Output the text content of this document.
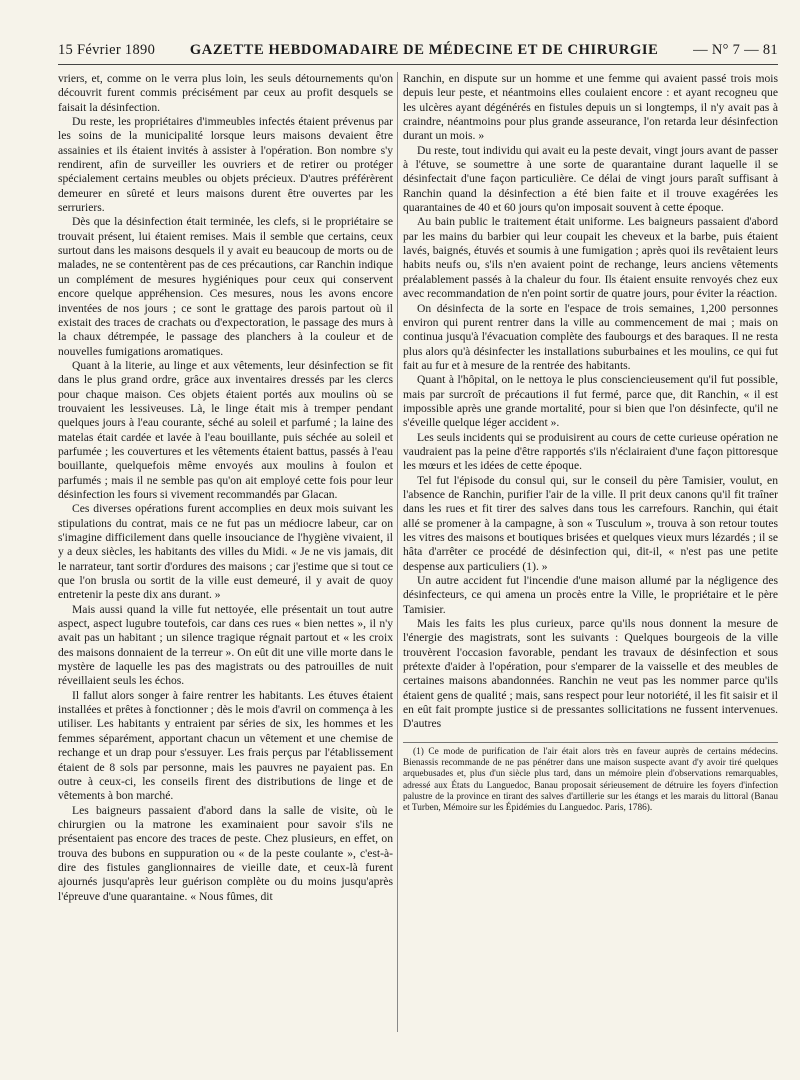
15 Février 1890 GAZETTE HEBDOMADAIRE DE MÉDECINE ET DE CHIRURGIE — N° 7 — 81

vriers, et, comme on le verra plus loin, les seuls détournements qu'on découvrit furent commis précisément par ceux au profit desquels se faisait la désinfection.

Du reste, les propriétaires d'immeubles infectés étaient prévenus par les soins de la municipalité lorsque leurs maisons devaient être assainies et ils étaient invités à assister à l'opération. Bon nombre s'y rendirent, afin de surveiller les ouvriers et de retirer ou protéger spécialement certains meubles ou objets précieux. D'autres préférèrent demeurer en sûreté et leurs maisons durent être ouvertes par les serruriers.

Dès que la désinfection était terminée, les clefs, si le propriétaire se trouvait présent, lui étaient remises. Mais il semble que certains, ceux surtout dans les maisons desquels il y avait eu beaucoup de morts ou de malades, ne se contentèrent pas de ces précautions, car Ranchin indique un complément de mesures hygiéniques pour ceux qui conservent encore quelque appréhension. Ces mesures, nous les avons encore inventées de nos jours ; ce sont le grattage des parois partout où il existait des traces de crachats ou d'expectoration, le passage des murs à la chaux détrempée, le passage des planchers à la couleur et de nouvelles fumigations aromatiques.

Quant à la literie, au linge et aux vêtements, leur désinfection se fit dans le plus grand ordre, grâce aux inventaires dressés par les clercs pour chaque maison. Ces objets étaient portés aux moulins où se trouvaient les lessiveuses. Là, le linge était mis à tremper pendant quelques jours à l'eau courante, séché au soleil et parfumé ; la laine des matelas était cardée et lavée à l'eau bouillante, puis séchée au soleil et parfumée ; les couvertures et les vêtements étaient battus, passés à l'eau bouillante, quelquefois même envoyés aux moulins à foulon et parfumés ; mais il ne semble pas qu'on ait employé cette fois pour leur désinfection les fours si vivement recommandés par Glacan.

Ces diverses opérations furent accomplies en deux mois suivant les stipulations du contrat, mais ce ne fut pas un médiocre labeur, car on s'imagine difficilement dans quelle insouciance de l'hygiène vivaient, il y a deux siècles, les habitants des villes du Midi. « Je ne vis jamais, dit le narrateur, tant sortir d'ordures des maisons ; car j'estime que si tout ce que l'on brusla ou sortit de la ville eust demeuré, il y avait de quoy entretenir la peste dix ans durant. »

Mais aussi quand la ville fut nettoyée, elle présentait un tout autre aspect, aspect lugubre toutefois, car dans ces rues « bien nettes », il n'y avait pas un habitant ; un silence tragique régnait partout et « les croix des maisons donnaient de la terreur ». On eût dit une ville morte dans le mystère de laquelle les pas des magistrats ou des patrouilles de nuit réveillaient seuls les échos.

Il fallut alors songer à faire rentrer les habitants. Les étuves étaient installées et prêtes à fonctionner ; dès le mois d'avril on commença à les utiliser. Les habitants y entraient par séries de six, les hommes et les femmes séparément, apportant chacun un vêtement et une chemise de rechange et un drap pour s'essuyer. Les frais perçus par l'établissement étaient de 8 sols par personne, mais les pauvres ne payaient pas. En outre à ceux-ci, les conseils firent des distributions de linge et de vêtements à bon marché.

Les baigneurs passaient d'abord dans la salle de visite, où le chirurgien ou la matrone les examinaient pour savoir s'ils ne présentaient pas encore des traces de peste. Chez plusieurs, en effet, on trouva des bubons en suppuration ou « de la peste coulante », c'est-à-dire des fistules ganglionnaires de vieille date, et ceux-là furent ajournés jusqu'après leur guérison complète ou du moins jusqu'après l'épreuve d'une quarantaine. « Nous fûmes, dit

Ranchin, en dispute sur un homme et une femme qui avaient passé trois mois depuis leur peste, et néantmoins elles coulaient encore : et ayant recogneu que les ulcères ayant dégénérés en fistules depuis un si longtemps, il n'y avait pas à craindre, néantmoins pour plus grande asseurance, l'on retarda leur désinfection durant un mois. »

Du reste, tout individu qui avait eu la peste devait, vingt jours avant de passer à l'étuve, se soumettre à une sorte de quarantaine durant laquelle il se désinfectait d'une façon particulière. Ce délai de vingt jours paraît suffisant à Ranchin quand la désinfection a été bien faite et il trouve exagérées les quarantaines de 40 et 60 jours qu'on imposait souvent à cette époque.

Au bain public le traitement était uniforme. Les baigneurs passaient d'abord par les mains du barbier qui leur coupait les cheveux et la barbe, puis étaient lavés, baignés, étuvés et soumis à une fumigation ; après quoi ils revêtaient leurs habits neufs ou, s'ils n'en avaient point de rechange, leurs anciens vêtements préalablement passés à la chaleur du four. Ils étaient ensuite renvoyés chez eux avec recommandation de n'en point sortir de quatre jours, pour éviter la réaction.

On désinfecta de la sorte en l'espace de trois semaines, 1,200 personnes environ qui purent rentrer dans la ville au commencement de mai ; mais on continua jusqu'à l'évacuation complète des faubourgs et des baraques. Il ne resta plus alors qu'à désinfecter les installations suburbaines et les moulins, ce qui fut fait au fur et à mesure de la rentrée des habitants.

Quant à l'hôpital, on le nettoya le plus consciencieusement qu'il fut possible, mais par surcroît de précautions il fut fermé, parce que, dit Ranchin, « il est impossible après une grande mortalité, pour si bien que l'on désinfecte, qu'il ne s'éveille quelque léger accident ».

Les seuls incidents qui se produisirent au cours de cette curieuse opération ne vaudraient pas la peine d'être rapportés s'ils n'éclairaient d'une façon pittoresque les mœurs et les idées de cette époque.

Tel fut l'épisode du consul qui, sur le conseil du père Tamisier, voulut, en l'absence de Ranchin, purifier l'air de la ville. Il prit deux canons qu'il fit traîner dans les rues et fit tirer des salves dans tous les carrefours. Ranchin, qui était allé se promener à la campagne, à son « Tusculum », trouva à son retour toutes les vitres des maisons et boutiques brisées et quelques vieux murs lézardés ; il se hâta d'arrêter ce procédé de désinfection qui, dit-il, « n'est pas une petite despense aux particuliers (1). »

Un autre accident fut l'incendie d'une maison allumé par la négligence des désinfecteurs, ce qui amena un procès entre la Ville, le propriétaire et le père Tamisier.

Mais les faits les plus curieux, parce qu'ils nous donnent la mesure de l'énergie des magistrats, sont les suivants : Quelques bourgeois de la ville trouvèrent l'occasion favorable, pendant les travaux de désinfection et sous prétexte d'aider à l'opération, pour s'emparer de la vaisselle et des meubles de certaines maisons abandonnées. Ranchin ne veut pas les nommer parce qu'ils étaient gens de qualité ; mais, sans respect pour leur notoriété, il les fit saisir et il en eût fait prompte justice si de pressantes sollicitations ne fussent intervenues. D'autres

(1) Ce mode de purification de l'air était alors très en faveur auprès de certains médecins. Bienassis recommande de ne pas pénétrer dans une maison suspecte avant d'y avoir tiré quelques arquebusades et, plus d'un siècle plus tard, dans un mémoire plein d'observations remarquables, adressé aux États du Languedoc, Banau proposait sérieusement de détruire les foyers d'infection palustre de la province en tirant des salves d'artillerie sur les étangs et les marais du littoral (Banau et Turben, Mémoire sur les Épidémies du Languedoc. Paris, 1786).
